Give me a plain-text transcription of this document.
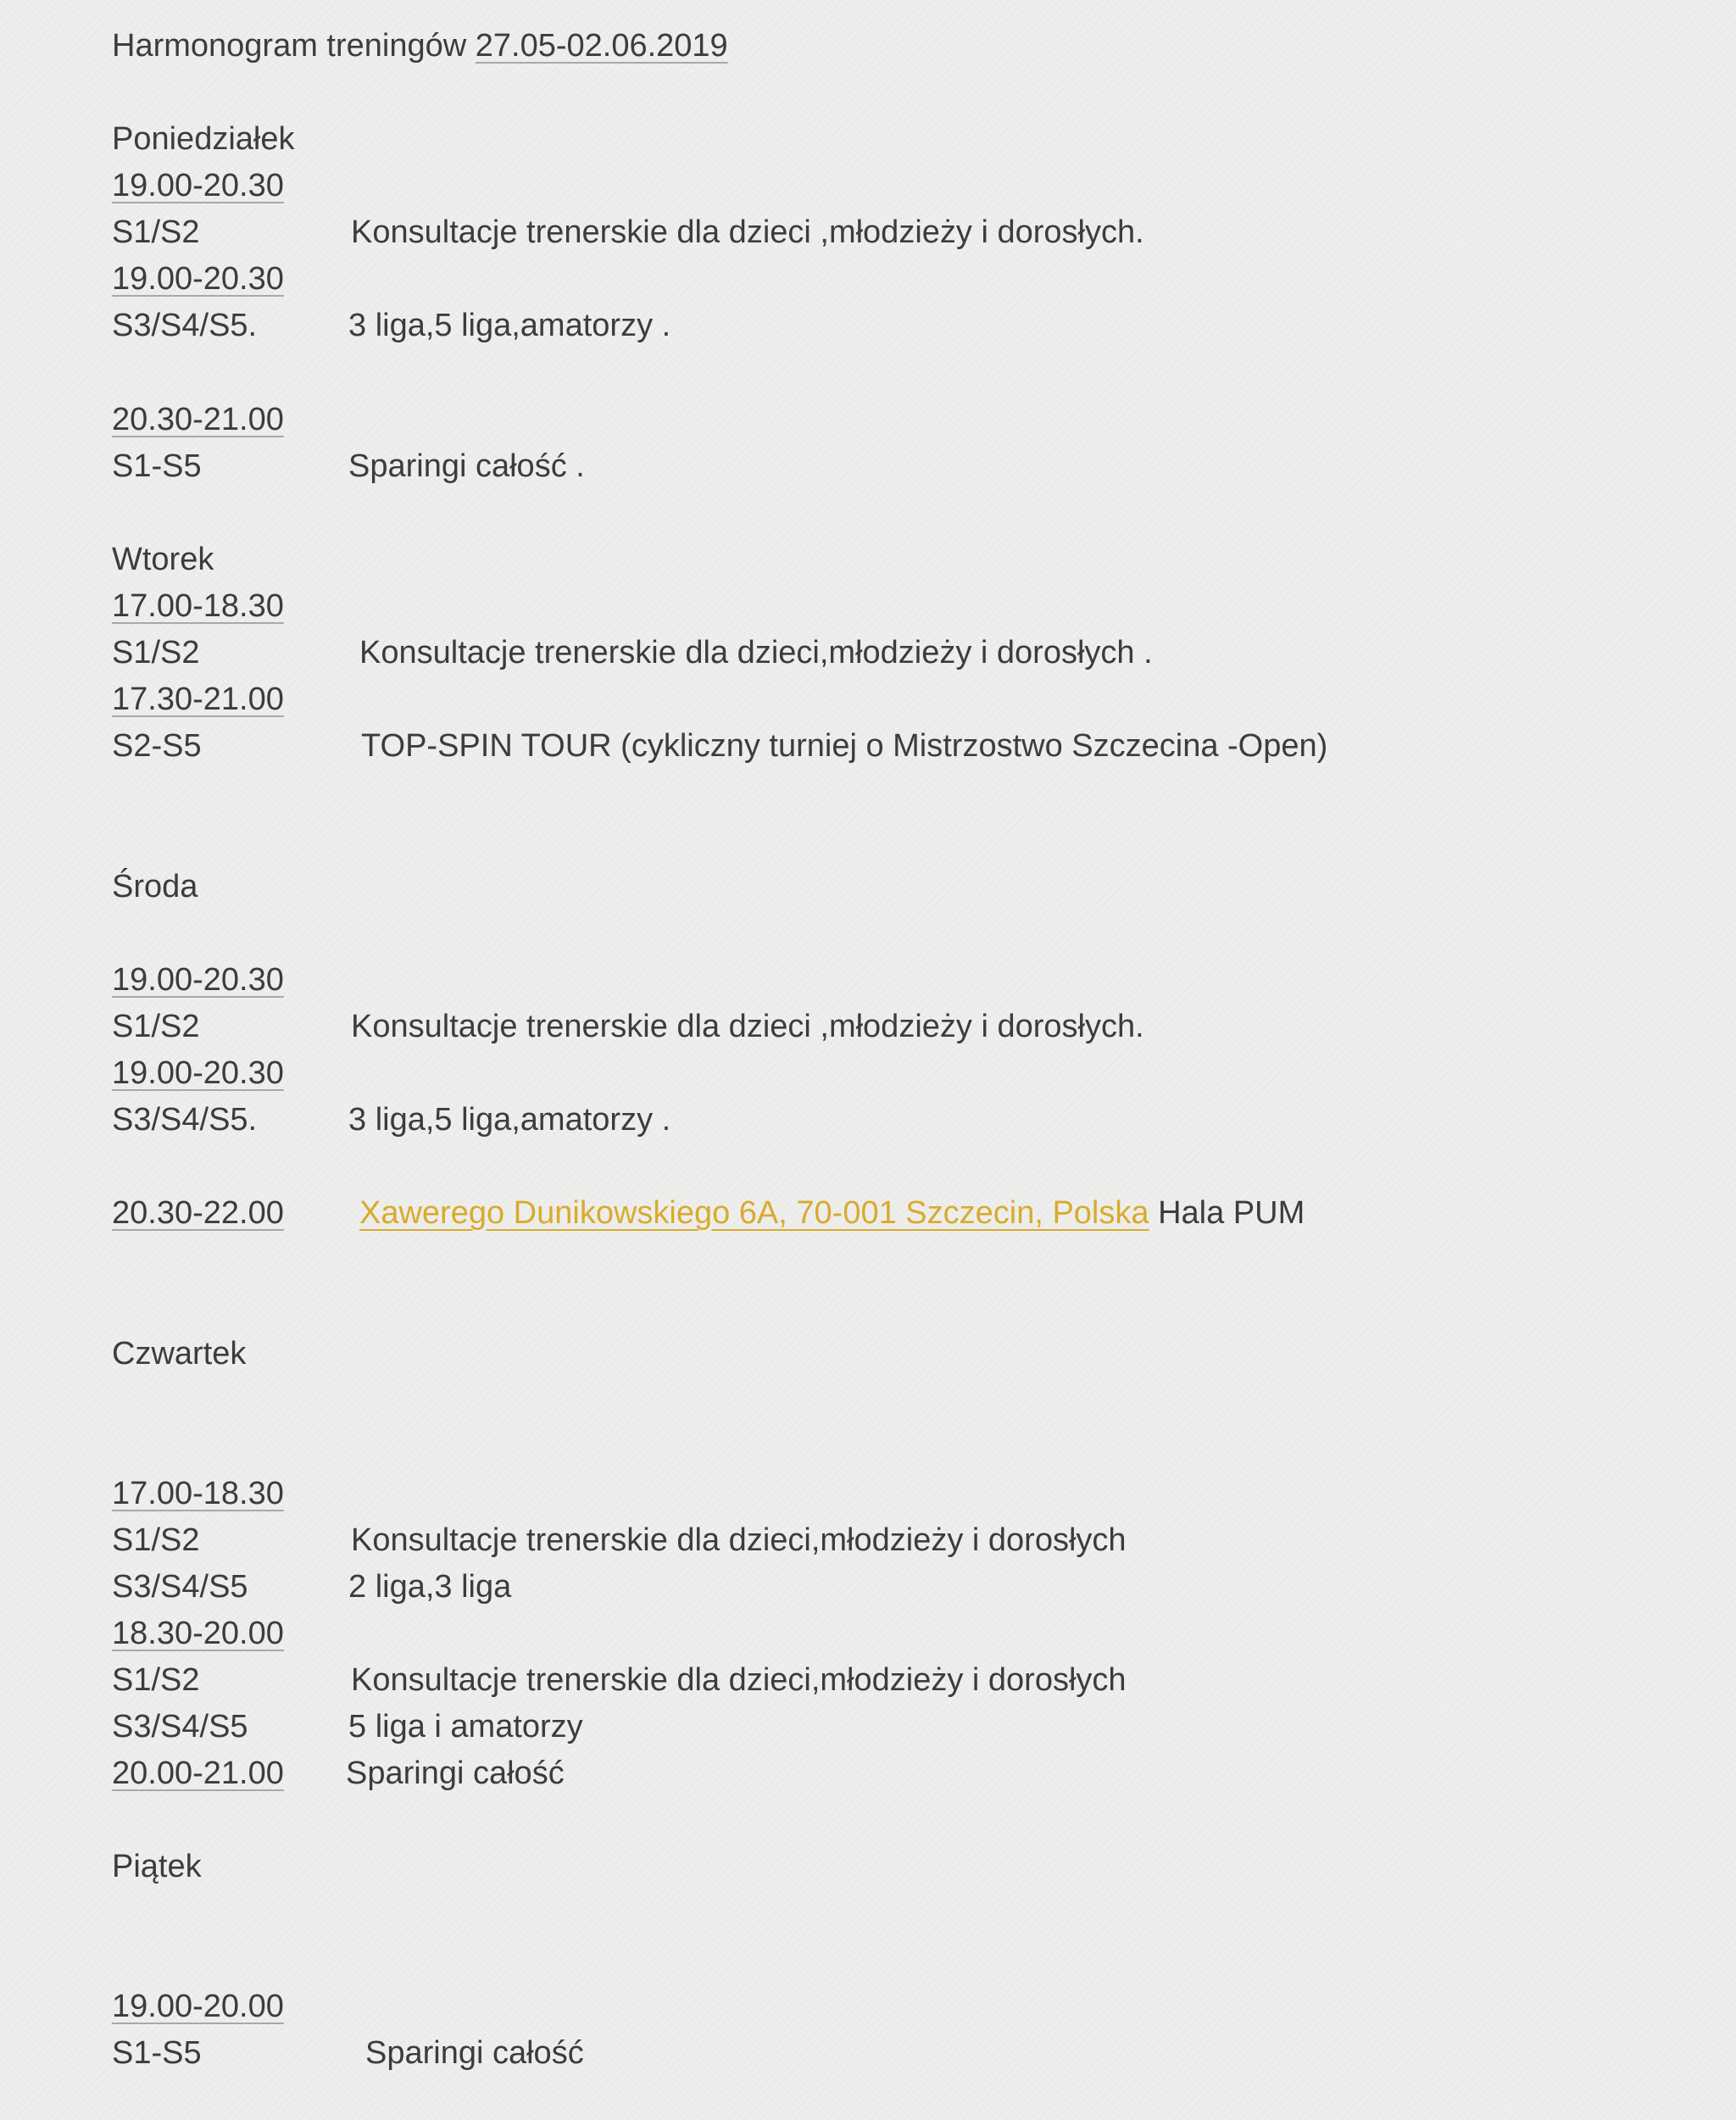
Harmonogram treningów 27.05-02.06.2019
Poniedziałek
19.00-20.30
S1/S2	Konsultacje trenerskie dla dzieci ,młodzieży i dorosłych.
19.00-20.30
S3/S4/S5.	3 liga,5 liga,amatorzy .
20.30-21.00
S1-S5	Sparingi całość .
Wtorek
17.00-18.30
S1/S2	Konsultacje trenerskie dla dzieci,młodzieży i dorosłych .
17.30-21.00
S2-S5	TOP-SPIN TOUR (cykliczny turniej o Mistrzostwo Szczecina -Open)
Środa
19.00-20.30
S1/S2	Konsultacje trenerskie dla dzieci ,młodzieży i dorosłych.
19.00-20.30
S3/S4/S5.	3 liga,5 liga,amatorzy .
20.30-22.00 Xawerego Dunikowskiego 6A, 70-001 Szczecin, Polska Hala PUM
Czwartek
17.00-18.30
S1/S2	Konsultacje trenerskie dla dzieci,młodzieży i dorosłych
S3/S4/S5	2 liga,3 liga
18.30-20.00
S1/S2	Konsultacje trenerskie dla dzieci,młodzieży i dorosłych
S3/S4/S5	5 liga i amatorzy
20.00-21.00 Sparingi całość
Piątek
19.00-20.00
S1-S5	Sparingi całość
